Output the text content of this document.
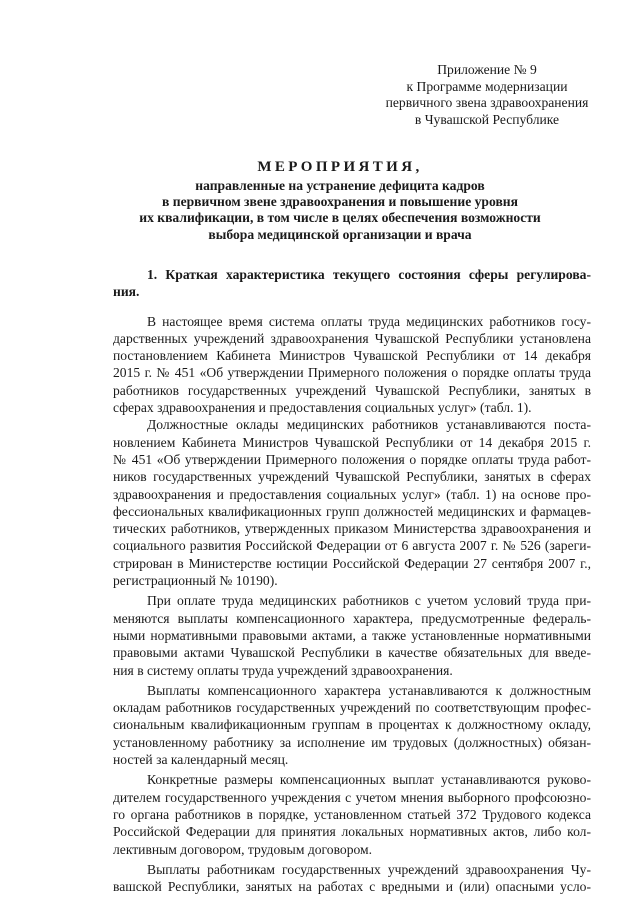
Приложение № 9
к Программе модернизации
первичного звена здравоохранения
в Чувашской Республике
МЕРОПРИЯТИЯ,
направленные на устранение дефицита кадров
в первичном звене здравоохранения и повышение уровня
их квалификации, в том числе в целях обеспечения возможности
выбора медицинской организации и врача
1. Краткая характеристика текущего состояния сферы регулирова-
ния.
В настоящее время система оплаты труда медицинских работников госу-
дарственных учреждений здравоохранения Чувашской Республики установлена
постановлением Кабинета Министров Чувашской Республики от 14 декабря
2015 г. № 451 «Об утверждении Примерного положения о порядке оплаты труда
работников государственных учреждений Чувашской Республики, занятых в
сферах здравоохранения и предоставления социальных услуг» (табл. 1).
Должностные оклады медицинских работников устанавливаются поста-
новлением Кабинета Министров Чувашской Республики от 14 декабря 2015 г.
№ 451 «Об утверждении Примерного положения о порядке оплаты труда работ-
ников государственных учреждений Чувашской Республики, занятых в сферах
здравоохранения и предоставления социальных услуг» (табл. 1) на основе про-
фессиональных квалификационных групп должностей медицинских и фармацев-
тических работников, утвержденных приказом Министерства здравоохранения и
социального развития Российской Федерации от 6 августа 2007 г. № 526 (зареги-
стрирован в Министерстве юстиции Российской Федерации 27 сентября 2007 г.,
регистрационный № 10190).
При оплате труда медицинских работников с учетом условий труда при-
меняются выплаты компенсационного характера, предусмотренные федераль-
ными нормативными правовыми актами, а также установленные нормативными
правовыми актами Чувашской Республики в качестве обязательных для введе-
ния в систему оплаты труда учреждений здравоохранения.
Выплаты компенсационного характера устанавливаются к должностным
окладам работников государственных учреждений по соответствующим профес-
сиональным квалификационным группам в процентах к должностному окладу,
установленному работнику за исполнение им трудовых (должностных) обязан-
ностей за календарный месяц.
Конкретные размеры компенсационных выплат устанавливаются руково-
дителем государственного учреждения с учетом мнения выборного профсоюзно-
го органа работников в порядке, установленном статьей 372 Трудового кодекса
Российской Федерации для принятия локальных нормативных актов, либо кол-
лективным договором, трудовым договором.
Выплаты работникам государственных учреждений здравоохранения Чу-
вашской Республики, занятых на работах с вредными и (или) опасными усло-
